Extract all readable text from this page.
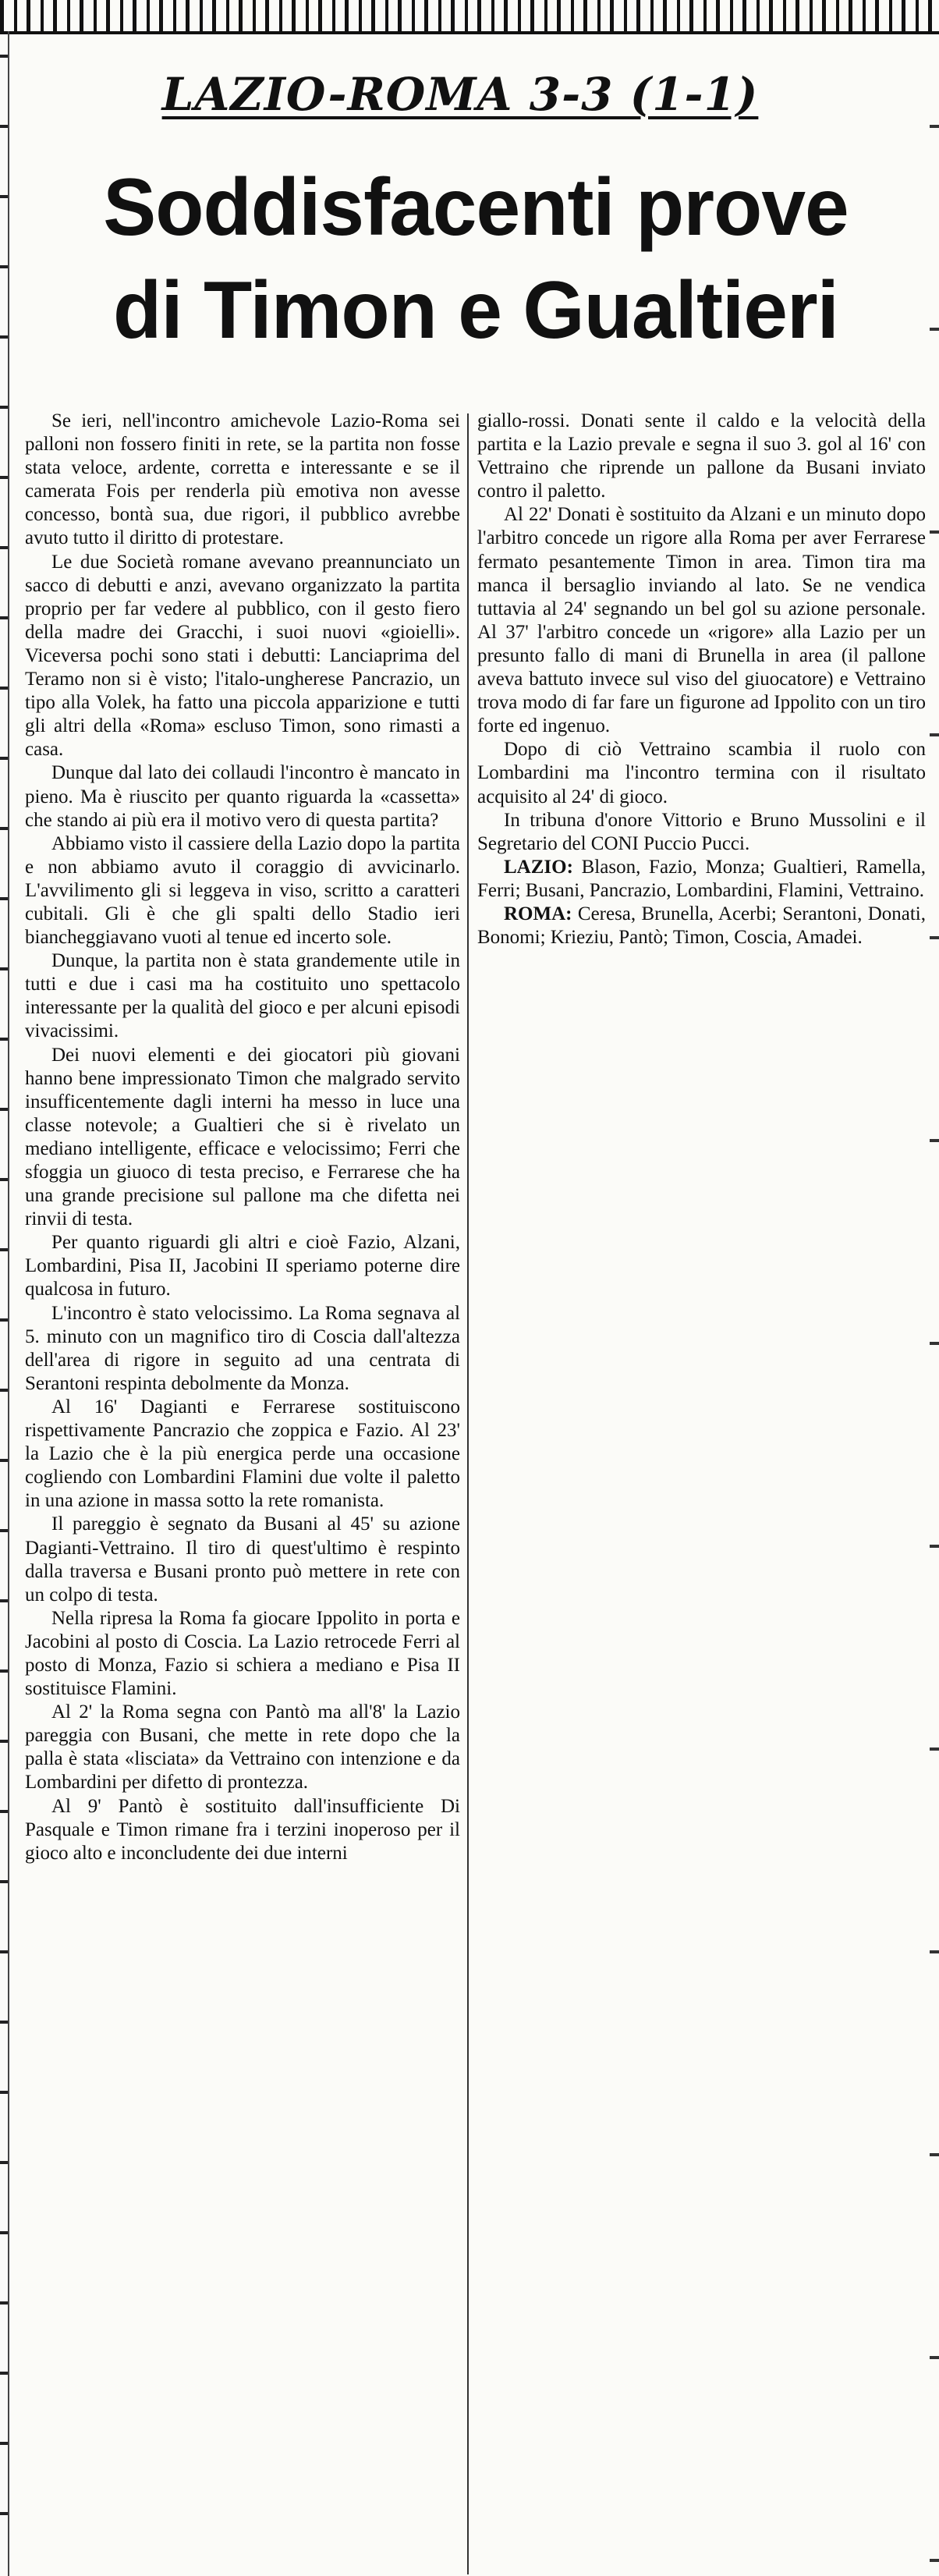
LAZIO-ROMA 3-3 (1-1)
Soddisfacenti prove
di Timon e Gualtieri

Se ieri, nell'incontro amichevole Lazio-Roma sei palloni non fossero finiti in rete, se la partita non fosse stata veloce, ardente, corretta e interessante e se il camerata Fois per renderla più emotiva non avesse concesso, bontà sua, due rigori, il pubblico avrebbe avuto tutto il diritto di protestare.

Le due Società romane avevano preannunciato un sacco di debutti e anzi, avevano organizzato la partita proprio per far vedere al pubblico, con il gesto fiero della madre dei Gracchi, i suoi nuovi «gioielli». Viceversa pochi sono stati i debutti: Lanciaprima del Teramo non si è visto; l'italo-ungherese Pancrazio, un tipo alla Volek, ha fatto una piccola apparizione e tutti gli altri della «Roma» escluso Timon, sono rimasti a casa.

Dunque dal lato dei collaudi l'incontro è mancato in pieno. Ma è riuscito per quanto riguarda la «cassetta» che stando ai più era il motivo vero di questa partita?

Abbiamo visto il cassiere della Lazio dopo la partita e non abbiamo avuto il coraggio di avvicinarlo. L'avvilimento gli si leggeva in viso, scritto a caratteri cubitali. Gli è che gli spalti dello Stadio ieri biancheggiavano vuoti al tenue ed incerto sole.

Dunque, la partita non è stata grandemente utile in tutti e due i casi ma ha costituito uno spettacolo interessante per la qualità del gioco e per alcuni episodi vivacissimi.

Dei nuovi elementi e dei giocatori più giovani hanno bene impressionato Timon che malgrado servito insufficentemente dagli interni ha messo in luce una classe notevole; a Gualtieri che si è rivelato un mediano intelligente, efficace e velocissimo; Ferri che sfoggia un giuoco di testa preciso, e Ferrarese che ha una grande precisione sul pallone ma che difetta nei rinvii di testa.

Per quanto riguardi gli altri e cioè Fazio, Alzani, Lombardini, Pisa II, Jacobini II speriamo poterne dire qualcosa in futuro.

L'incontro è stato velocissimo. La Roma segnava al 5. minuto con un magnifico tiro di Coscia dall'altezza dell'area di rigore in seguito ad una centrata di Serantoni respinta debolmente da Monza.

Al 16' Dagianti e Ferrarese sostituiscono rispettivamente Pancrazio che zoppica e Fazio. Al 23' la Lazio che è la più energica perde una occasione cogliendo con Lombardini Flamini due volte il paletto in una azione in massa sotto la rete romanista.

Il pareggio è segnato da Busani al 45' su azione Dagianti-Vettraino. Il tiro di quest'ultimo è respinto dalla traversa e Busani pronto può mettere in rete con un colpo di testa.

Nella ripresa la Roma fa giocare Ippolito in porta e Jacobini al posto di Coscia. La Lazio retrocede Ferri al posto di Monza, Fazio si schiera a mediano e Pisa II sostituisce Flamini.

Al 2' la Roma segna con Pantò ma all'8' la Lazio pareggia con Busani, che mette in rete dopo che la palla è stata «lisciata» da Vettraino con intenzione e da Lombardini per difetto di prontezza.

Al 9' Pantò è sostituito dall'insufficiente Di Pasquale e Timon rimane fra i terzini inoperoso per il gioco alto e inconcludente dei due interni

giallo-rossi. Donati sente il caldo e la velocità della partita e la Lazio prevale e segna il suo 3. gol al 16' con Vettraino che riprende un pallone da Busani inviato contro il paletto.

Al 22' Donati è sostituito da Alzani e un minuto dopo l'arbitro concede un rigore alla Roma per aver Ferrarese fermato pesantemente Timon in area. Timon tira ma manca il bersaglio inviando al lato. Se ne vendica tuttavia al 24' segnando un bel gol su azione personale. Al 37' l'arbitro concede un «rigore» alla Lazio per un presunto fallo di mani di Brunella in area (il pallone aveva battuto invece sul viso del giuocatore) e Vettraino trova modo di far fare un figurone ad Ippolito con un tiro forte ed ingenuo.

Dopo di ciò Vettraino scambia il ruolo con Lombardini ma l'incontro termina con il risultato acquisito al 24' di gioco.

In tribuna d'onore Vittorio e Bruno Mussolini e il Segretario del CONI Puccio Pucci.

LAZIO: Blason, Fazio, Monza; Gualtieri, Ramella, Ferri; Busani, Pancrazio, Lombardini, Flamini, Vettraino.

ROMA: Ceresa, Brunella, Acerbi; Serantoni, Donati, Bonomi; Krieziu, Pantò; Timon, Coscia, Amadei.
